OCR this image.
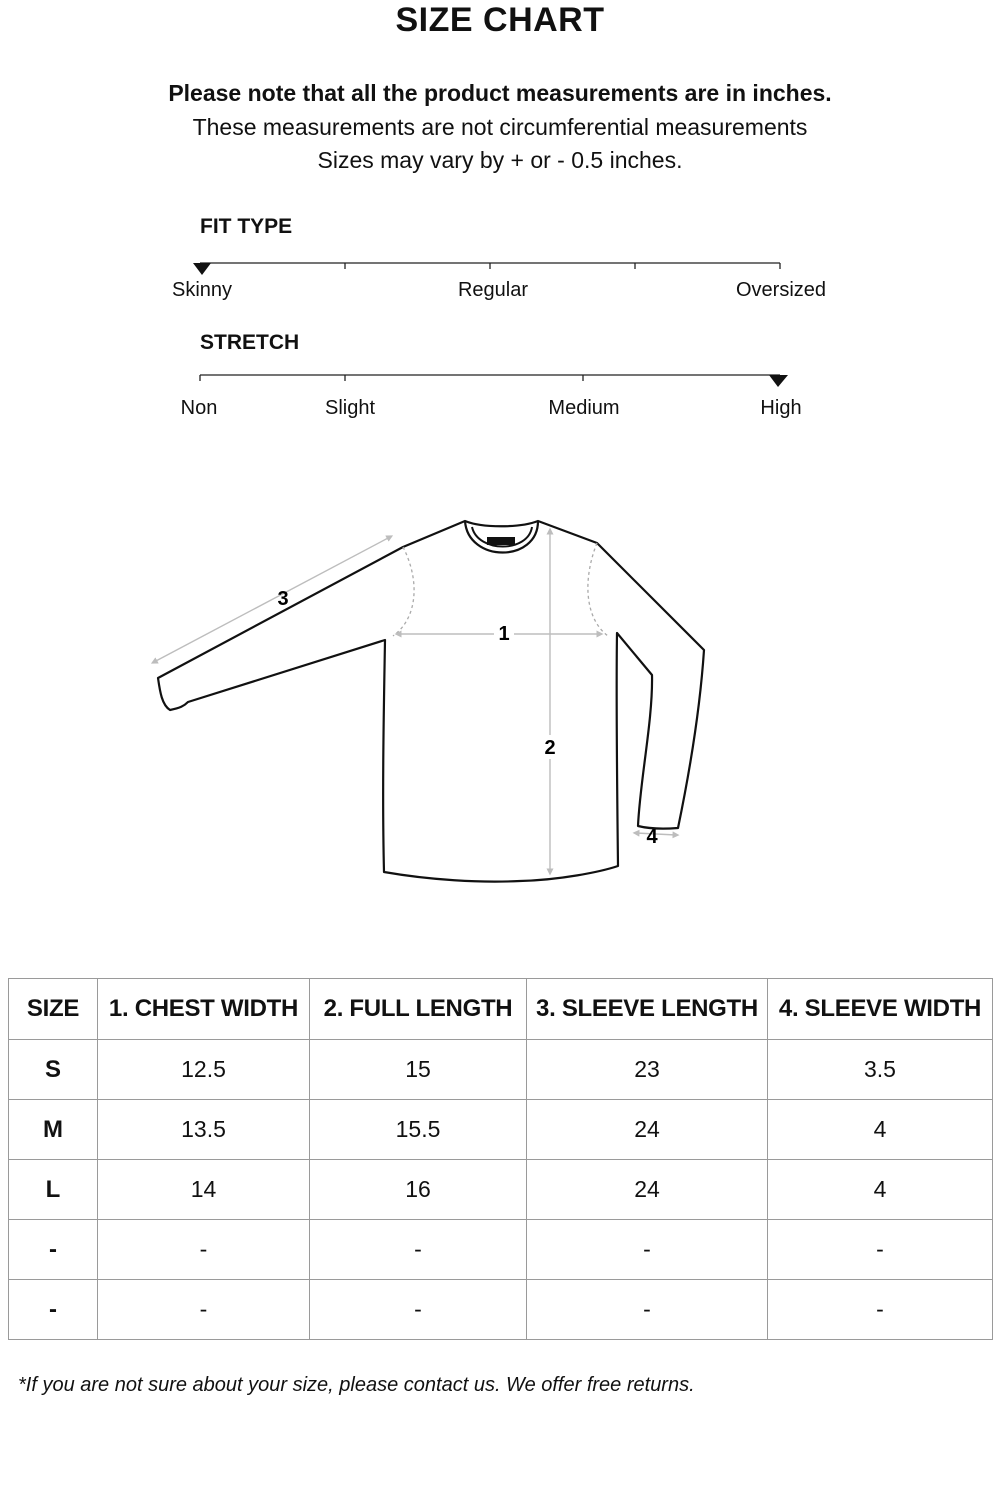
SIZE CHART
Please note that all the product measurements are in inches.
These measurements are not circumferential measurements
Sizes may vary by + or - 0.5 inches.
FIT TYPE
Skinny	Regular	Oversized
STRETCH
Non	Slight	Medium	High
1
2
3
4
SIZE	1. CHEST WIDTH	2. FULL LENGTH	3. SLEEVE LENGTH	4. SLEEVE WIDTH
S	12.5	15	23	3.5
M	13.5	15.5	24	4
L	14	16	24	4
-	-	-	-	-
-	-	-	-	-
*If you are not sure about your size, please contact us. We offer free returns.
